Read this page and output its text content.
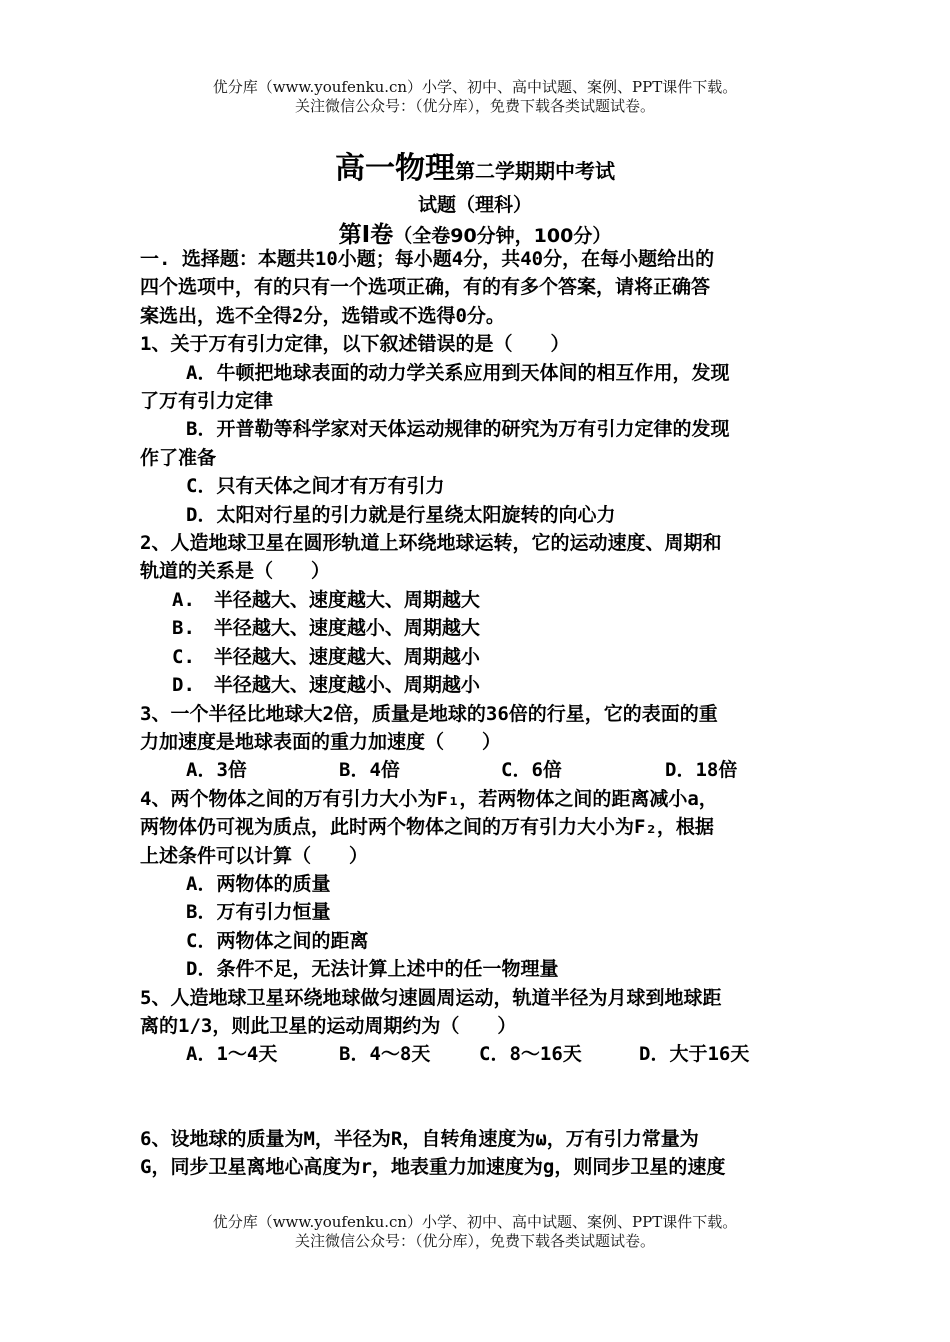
优分库（www.youfenku.cn）小学、初中、高中试题、案例、PPT课件下载。
关注微信公众号：（优分库），免费下载各类试题试卷。
高一物理第二学期期中考试
试题（理科）
第Ⅰ卷（全卷90分钟，100分）
一. 选择题：本题共10小题；每小题4分，共40分，在每小题给出的
四个选项中，有的只有一个选项正确，有的有多个答案，请将正确答
案选出，选不全得2分，选错或不选得0分。
1、关于万有引力定律，以下叙述错误的是（　　）
A．牛顿把地球表面的动力学关系应用到天体间的相互作用，发现
了万有引力定律
B．开普勒等科学家对天体运动规律的研究为万有引力定律的发现
作了准备
C．只有天体之间才有万有引力
D．太阳对行星的引力就是行星绕太阳旋转的向心力
2、人造地球卫星在圆形轨道上环绕地球运转，它的运动速度、周期和
轨道的关系是（　　）
A.　半径越大、速度越大、周期越大
B.　半径越大、速度越小、周期越大
C.　半径越大、速度越大、周期越小
D.　半径越大、速度越小、周期越小
3、一个半径比地球大2倍，质量是地球的36倍的行星，它的表面的重
力加速度是地球表面的重力加速度（　　）
A．3倍	B．4倍	C．6倍	D．18倍
4、两个物体之间的万有引力大小为F₁，若两物体之间的距离减小a，
两物体仍可视为质点，此时两个物体之间的万有引力大小为F₂，根据
上述条件可以计算（　　）
A．两物体的质量
B．万有引力恒量
C．两物体之间的距离
D．条件不足，无法计算上述中的任一物理量
5、人造地球卫星环绕地球做匀速圆周运动，轨道半径为月球到地球距
离的1/3，则此卫星的运动周期约为（　　）
A．1～4天	B．4～8天	C．8～16天	D．大于16天
6、设地球的质量为M，半径为R，自转角速度为ω，万有引力常量为
G，同步卫星离地心高度为r，地表重力加速度为g，则同步卫星的速度
优分库（www.youfenku.cn）小学、初中、高中试题、案例、PPT课件下载。
关注微信公众号：（优分库），免费下载各类试题试卷。
